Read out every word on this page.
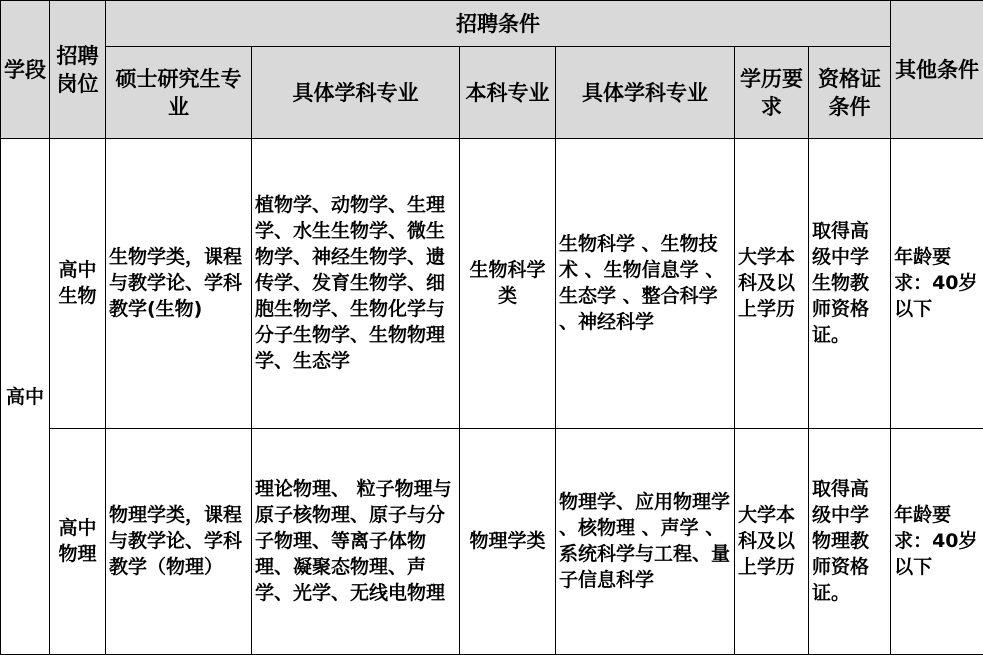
学段	招聘岗位	招聘条件						其他条件
		硕士研究生专业	具体学科专业	本科专业	具体学科专业	学历要求	资格证条件	
高中	高中生物	生物学类，课程与教学论、学科教学(生物)	植物学、动物学、生理学、水生生物学、微生物学、神经生物学、遗传学、发育生物学、细胞生物学、生物化学与分子生物学、生物物理学、生态学	生物科学类	生物科学 、生物技术 、生物信息学 、生态学 、整合科学 、神经科学	大学本科及以上学历	取得高级中学生物教师资格证。	年龄要求：40岁以下
	高中物理	物理学类，课程与教学论、学科教学（物理）	理论物理、 粒子物理与原子核物理、原子与分子物理、等离子体物理、凝聚态物理、声学、光学、无线电物理	物理学类	物理学、应用物理学 、核物理 、声学 、系统科学与工程、量子信息科学	大学本科及以上学历	取得高级中学物理教师资格证。	年龄要求：40岁以下
